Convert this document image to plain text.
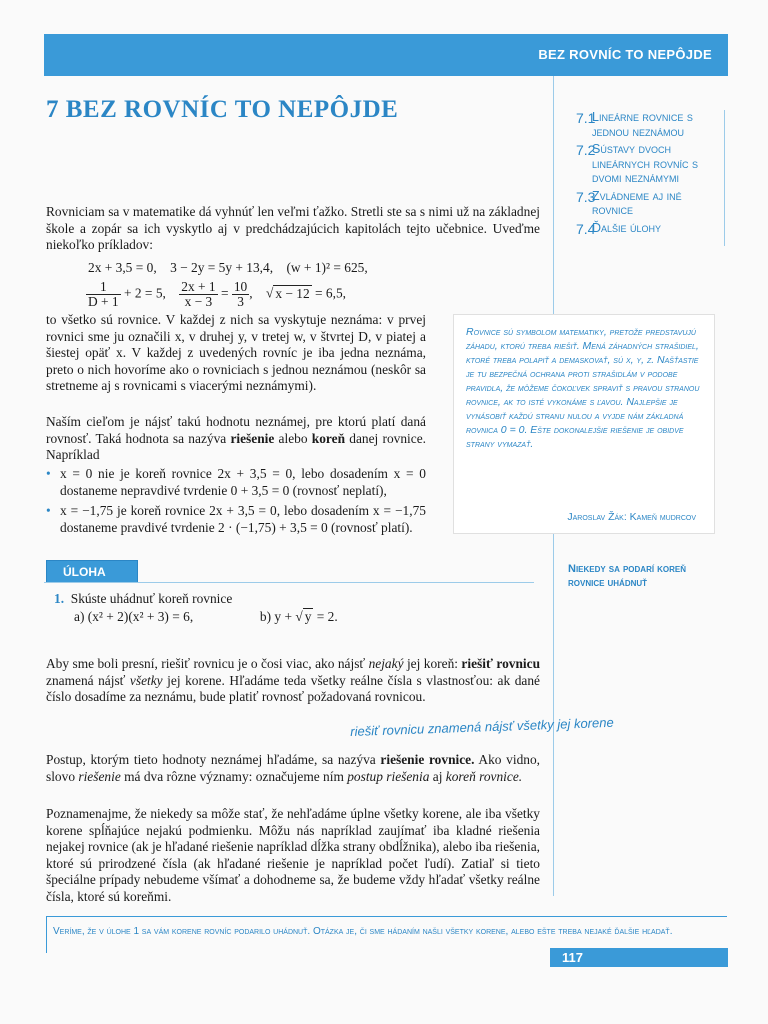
BEZ ROVNÍC TO NEPÔJDE
7 BEZ ROVNÍC TO NEPÔJDE	7.1
Lineárne rovnice s jednou neznámou
7.2
Sústavy dvoch lineárnych rovníc s dvomi neznámymi
7.3
Zvládneme aj iné rovnice
7.4
Ďalšie úlohy
Rovniciam sa v matematike dá vyhnúť len veľmi ťažko. Stretli ste sa s nimi už na základnej škole a zopár sa ich vyskytlo aj v predchádzajúcich kapitolách tejto učebnice. Uveďme niekoľko príkladov:
2x + 3,5 = 0, 3 − 2y = 5y + 13,4, (w + 1)² = 625,
$\frac{1}{D + 1} + 2 = 5$, $\frac{2x + 1}{x - 3} = \frac{10}{3}$ , √ x − 12 = 6,5,
to všetko sú rovnice. V každej z nich sa vyskytuje neznáma: v prvej rovnici sme ju označili x, v druhej y, v tretej w, v štvrtej D, v piatej a šiestej opäť x. V každej z uvedených rovníc je iba jedna neznáma, preto o nich hovoríme ako o rovniciach s jednou neznámou (neskôr sa stretneme aj s rovnicami s viacerými neznámymi).
Naším cieľom je nájsť takú hodnotu neznámej, pre ktorú platí daná rovnosť. Taká hodnota sa nazýva riešenie alebo koreň danej rovnice. Napríklad
• x = 0 nie je koreň rovnice 2x + 3,5 = 0, lebo dosadením x = 0 dostaneme nepravdivé tvrdenie 0 + 3,5 = 0 (rovnosť neplatí),
• x = −1,75 je koreň rovnice 2x + 3,5 = 0, lebo dosadením x = −1,75 dostaneme pravdivé tvrdenie 2 · (−1,75) + 3,5 = 0 (rovnosť platí).
Rovnice sú symbolom matematiky, pretože predstavujú záhadu, ktorú treba riešiť. Mená záhadných strašidiel, ktoré treba polapiť a demaskovať, sú x, y, z. Našťastie je tu bezpečná ochrana proti strašidlám v podobe pravidla, že môžeme čokoľvek spraviť s pravou stranou rovnice, ak to isté vykonáme s ľavou. Najlepšie je vynásobiť každú stranu nulou a vyjde nám základná rovnica 0 = 0. Ešte dokonalejšie riešenie je obidve strany vymazať.
Jaroslav Žák: Kameň mudrcov
Niekedy sa podarí koreň rovnice uhádnuť
ÚLOHA
1. Skúste uhádnuť koreň rovnice
a) (x² + 2)(x² + 3) = 6,	b) y + √ y = 2.
Aby sme boli presní, riešiť rovnicu je o čosi viac, ako nájsť nejaký jej koreň: riešiť rovnicu znamená nájsť všetky jej korene. Hľadáme teda všetky reálne čísla s vlastnosťou: ak dané číslo dosadíme za neznámu, bude platiť rovnosť požadovaná rovnicou.
riešiť rovnicu znamená nájsť všetky jej korene
Postup, ktorým tieto hodnoty neznámej hľadáme, sa nazýva riešenie rovnice. Ako vidno, slovo riešenie má dva rôzne významy: označujeme ním postup riešenia aj koreň rovnice.
Poznamenajme, že niekedy sa môže stať, že nehľadáme úplne všetky korene, ale iba všetky korene spĺňajúce nejakú podmienku. Môžu nás napríklad zaujímať iba kladné riešenia nejakej rovnice (ak je hľadané riešenie napríklad dĺžka strany obdĺžnika), alebo iba riešenia, ktoré sú prirodzené čísla (ak hľadané riešenie je napríklad počet ľudí). Zatiaľ si tieto špeciálne prípady nebudeme všímať a dohodneme sa, že budeme vždy hľadať všetky reálne čísla, ktoré sú koreňmi.
Veríme, že v úlohe 1 sa vám korene rovníc podarilo uhádnuť. Otázka je, či sme hádaním našli všetky korene, alebo ešte treba nejaké ďalšie hľadať.
117
